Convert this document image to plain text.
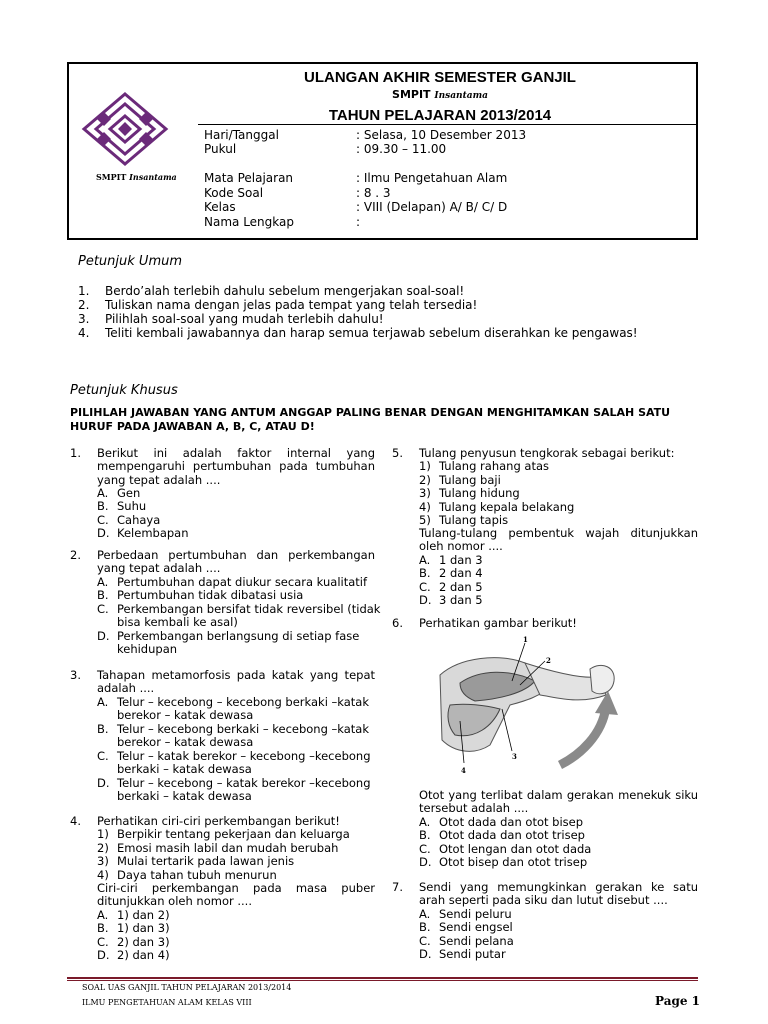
SMPIT Insantama
ULANGAN AKHIR SEMESTER GANJIL
SMPIT Insantama
TAHUN PELAJARAN 2013/2014
Hari/Tanggal	: Selasa, 10 Desember 2013
Pukul	: 09.30 – 11.00
Mata Pelajaran	: Ilmu Pengetahuan Alam
Kode Soal	: 8 . 3
Kelas	: VIII (Delapan) A/ B/ C/ D
Nama Lengkap	:
Petunjuk Umum
1. Berdo’alah terlebih dahulu sebelum mengerjakan soal-soal!
2. Tuliskan nama dengan jelas pada tempat yang telah tersedia!
3. Pilihlah soal-soal yang mudah terlebih dahulu!
4. Teliti kembali jawabannya dan harap semua terjawab sebelum diserahkan ke pengawas!
Petunjuk Khusus
PILIHLAH JAWABAN YANG ANTUM ANGGAP PALING BENAR DENGAN MENGHITAMKAN SALAH SATU HURUF PADA JAWABAN A, B, C, ATAU D!
1. Berikut ini adalah faktor internal yang mempengaruhi pertumbuhan pada tumbuhan yang tepat adalah ....
A. Gen
B. Suhu
C. Cahaya
D. Kelembapan
2. Perbedaan pertumbuhan dan perkembangan yang tepat adalah ....
A. Pertumbuhan dapat diukur secara kualitatif
B. Pertumbuhan tidak dibatasi usia
C. Perkembangan bersifat tidak reversibel (tidak
bisa kembali ke asal)
D. Perkembangan berlangsung di setiap fase
kehidupan
3. Tahapan metamorfosis pada katak yang tepat adalah ....
A. Telur – kecebong – kecebong berkaki –katak
berekor – katak dewasa
B. Telur – kecebong berkaki – kecebong –katak
berekor – katak dewasa
C. Telur – katak berekor – kecebong –kecebong
berkaki – katak dewasa
D. Telur – kecebong – katak berekor –kecebong
berkaki – katak dewasa
4. Perhatikan ciri-ciri perkembangan berikut!
1) Berpikir tentang pekerjaan dan keluarga
2) Emosi masih labil dan mudah berubah
3) Mulai tertarik pada lawan jenis
4) Daya tahan tubuh menurun
Ciri-ciri perkembangan pada masa puber ditunjukkan oleh nomor ....
A. 1) dan 2)
B. 1) dan 3)
C. 2) dan 3)
D. 2) dan 4)
5. Tulang penyusun tengkorak sebagai berikut:
1) Tulang rahang atas
2) Tulang baji
3) Tulang hidung
4) Tulang kepala belakang
5) Tulang tapis
Tulang-tulang pembentuk wajah ditunjukkan oleh nomor ....
A. 1 dan 3
B. 2 dan 4
C. 2 dan 5
D. 3 dan 5
6. Perhatikan gambar berikut!
1
2
3
4
Otot yang terlibat dalam gerakan menekuk siku tersebut adalah ....
A. Otot dada dan otot bisep
B. Otot dada dan otot trisep
C. Otot lengan dan otot dada
D. Otot bisep dan otot trisep
7. Sendi yang memungkinkan gerakan ke satu arah seperti pada siku dan lutut disebut ....
A. Sendi peluru
B. Sendi engsel
C. Sendi pelana
D. Sendi putar
SOAL UAS GANJIL TAHUN PELAJARAN 2013/2014
ILMU PENGETAHUAN ALAM KELAS VIII	Page 1
